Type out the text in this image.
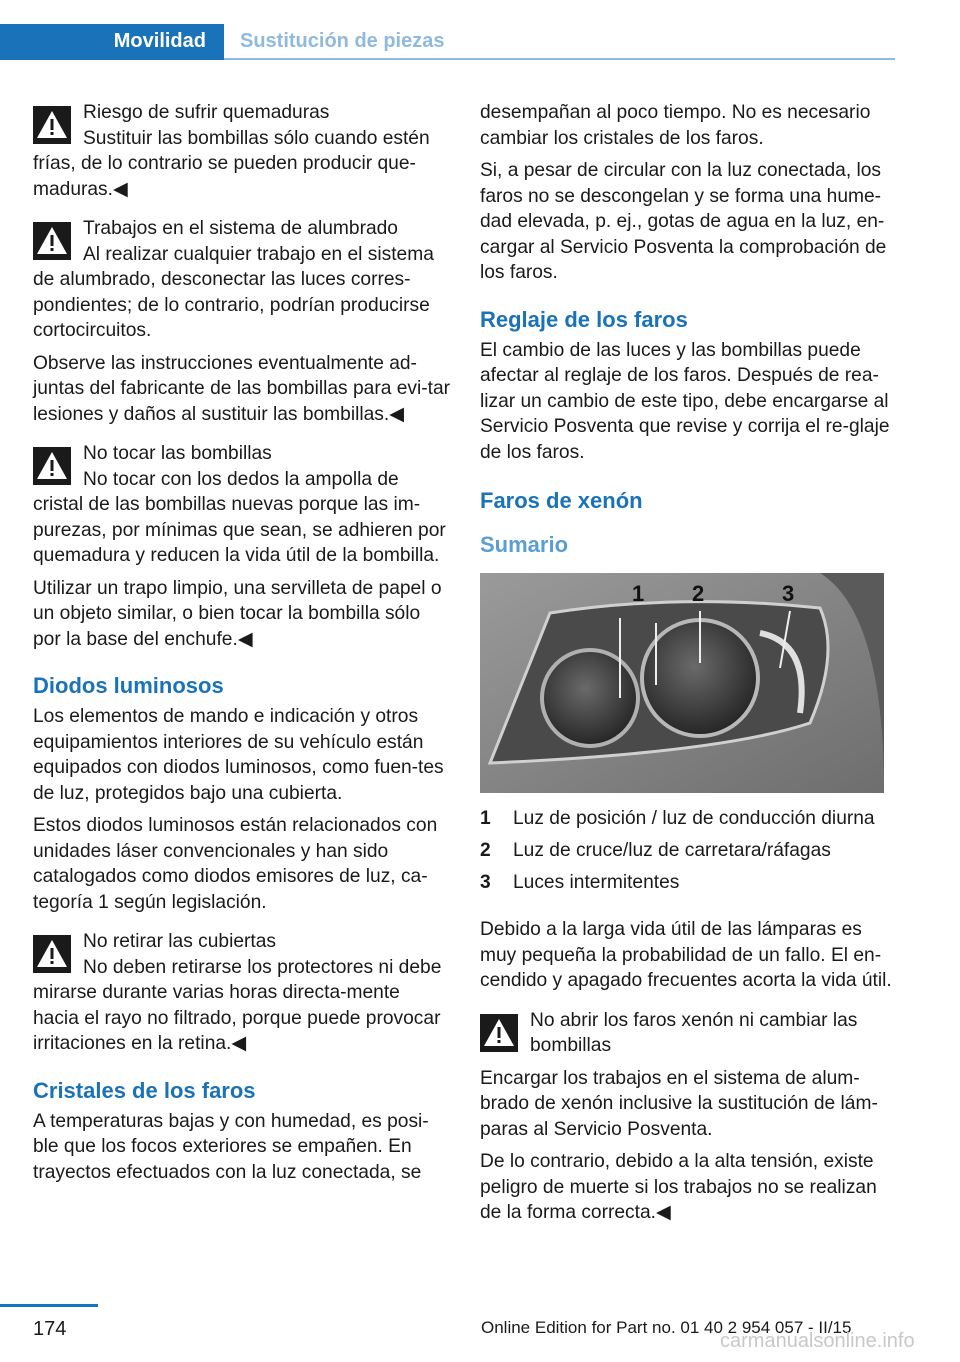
Movilidad Sustitución de piezas
Riesgo de sufrir quemaduras
Sustituir las bombillas sólo cuando estén frías, de lo contrario se pueden producir que‐maduras.◀
Trabajos en el sistema de alumbrado
Al realizar cualquier trabajo en el sistema de alumbrado, desconectar las luces corres‐pondientes; de lo contrario, podrían producirse cortocircuitos.

Observe las instrucciones eventualmente ad‐juntas del fabricante de las bombillas para evi‐tar lesiones y daños al sustituir las bombillas.◀

No tocar las bombillas
No tocar con los dedos la ampolla de cristal de las bombillas nuevas porque las im‐purezas, por mínimas que sean, se adhieren por quemadura y reducen la vida útil de la bombilla.

Utilizar un trapo limpio, una servilleta de papel o un objeto similar, o bien tocar la bombilla sólo por la base del enchufe.◀

Diodos luminosos

Los elementos de mando e indicación y otros equipamientos interiores de su vehículo están equipados con diodos luminosos, como fuen‐tes de luz, protegidos bajo una cubierta.

Estos diodos luminosos están relacionados con unidades láser convencionales y han sido catalogados como diodos emisores de luz, ca‐tegoría 1 según legislación.

No retirar las cubiertas
No deben retirarse los protectores ni debe mirarse durante varias horas directa‐mente hacia el rayo no filtrado, porque puede provocar irritaciones en la retina.◀
Cristales de los faros

A temperaturas bajas y con humedad, es posi‐ble que los focos exteriores se empañen. En trayectos efectuados con la luz conectada, se

desempañan al poco tiempo. No es necesario cambiar los cristales de los faros.

Si, a pesar de circular con la luz conectada, los faros no se descongelan y se forma una hume‐dad elevada, p. ej., gotas de agua en la luz, en‐cargar al Servicio Posventa la comprobación de los faros.

Reglaje de los faros

El cambio de las luces y las bombillas puede afectar al reglaje de los faros. Después de rea‐lizar un cambio de este tipo, debe encargarse al Servicio Posventa que revise y corrija el re‐glaje de los faros.

Faros de xenón
Sumario
1 2	3
1	Luz de posición / luz de conducción diurna
2	Luz de cruce/luz de carretara/ráfagas
3	Luces intermitentes

Debido a la larga vida útil de las lámparas es muy pequeña la probabilidad de un fallo. El en‐cendido y apagado frecuentes acorta la vida útil.

No abrir los faros xenón ni cambiar las bombillas

Encargar los trabajos en el sistema de alum‐brado de xenón inclusive la sustitución de lám‐paras al Servicio Posventa.

De lo contrario, debido a la alta tensión, existe peligro de muerte si los trabajos no se realizan de la forma correcta.◀

174	Online Edition for Part no. 01 40 2 954 057 - II/15
carmanualsonline.info
